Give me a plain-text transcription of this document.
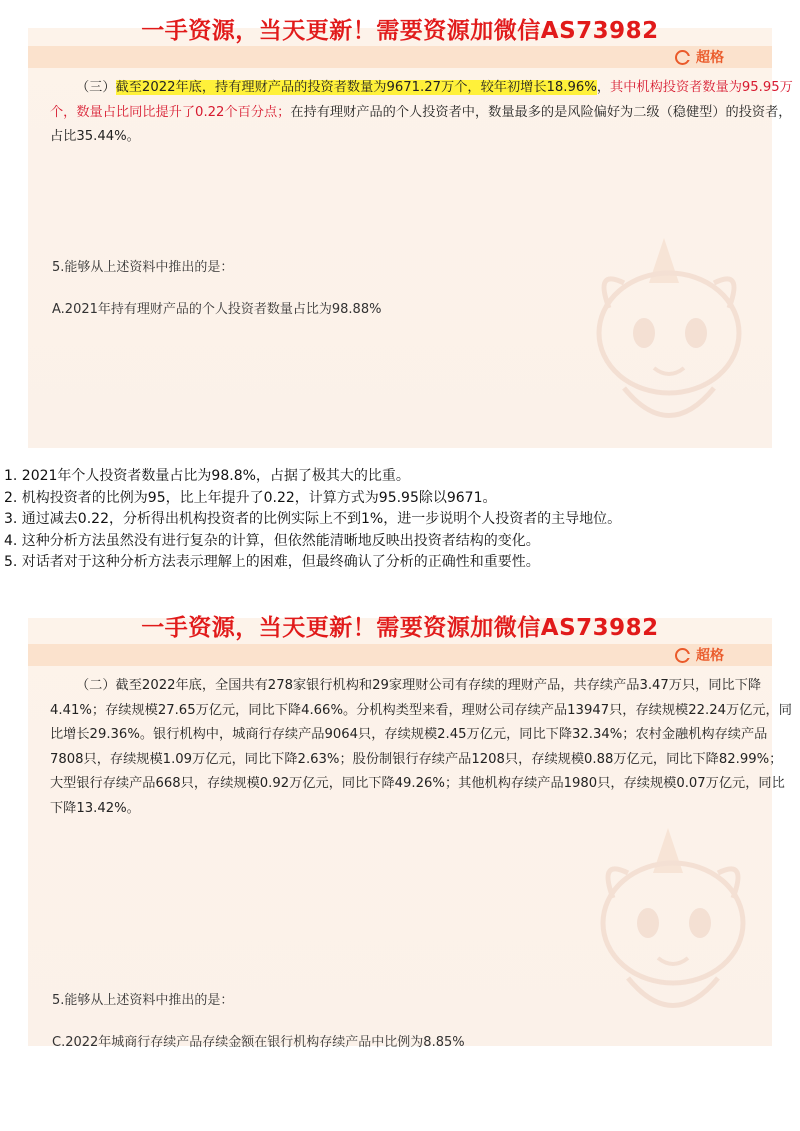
一手资源，当天更新！需要资源加微信AS73982
超格
（三）截至2022年底，持有理财产品的投资者数量为9671.27万个，较年初增长18.96%，其中机构投资者数量为95.95万个，数量占比同比提升了0.22个百分点；在持有理财产品的个人投资者中，数量最多的是风险偏好为二级（稳健型）的投资者，占比35.44%。
5.能够从上述资料中推出的是：
A.2021年持有理财产品的个人投资者数量占比为98.88%
1. 2021年个人投资者数量占比为98.8%，占据了极其大的比重。
2. 机构投资者的比例为95，比上年提升了0.22，计算方式为95.95除以9671。
3. 通过减去0.22，分析得出机构投资者的比例实际上不到1%，进一步说明个人投资者的主导地位。
4. 这种分析方法虽然没有进行复杂的计算，但依然能清晰地反映出投资者结构的变化。
5. 对话者对于这种分析方法表示理解上的困难，但最终确认了分析的正确性和重要性。
超格
（二）截至2022年底，全国共有278家银行机构和29家理财公司有存续的理财产品，共存续产品3.47万只，同比下降4.41%；存续规模27.65万亿元，同比下降4.66%。分机构类型来看，理财公司存续产品13947只，存续规模22.24万亿元，同比增长29.36%。银行机构中，城商行存续产品9064只，存续规模2.45万亿元，同比下降32.34%；农村金融机构存续产品7808只，存续规模1.09万亿元，同比下降2.63%；股份制银行存续产品1208只，存续规模0.88万亿元，同比下降82.99%；大型银行存续产品668只，存续规模0.92万亿元，同比下降49.26%；其他机构存续产品1980只，存续规模0.07万亿元，同比下降13.42%。
5.能够从上述资料中推出的是：
C.2022年城商行存续产品存续金额在银行机构存续产品中比例为8.85%
一手资源，当天更新！需要资源加微信AS73982
